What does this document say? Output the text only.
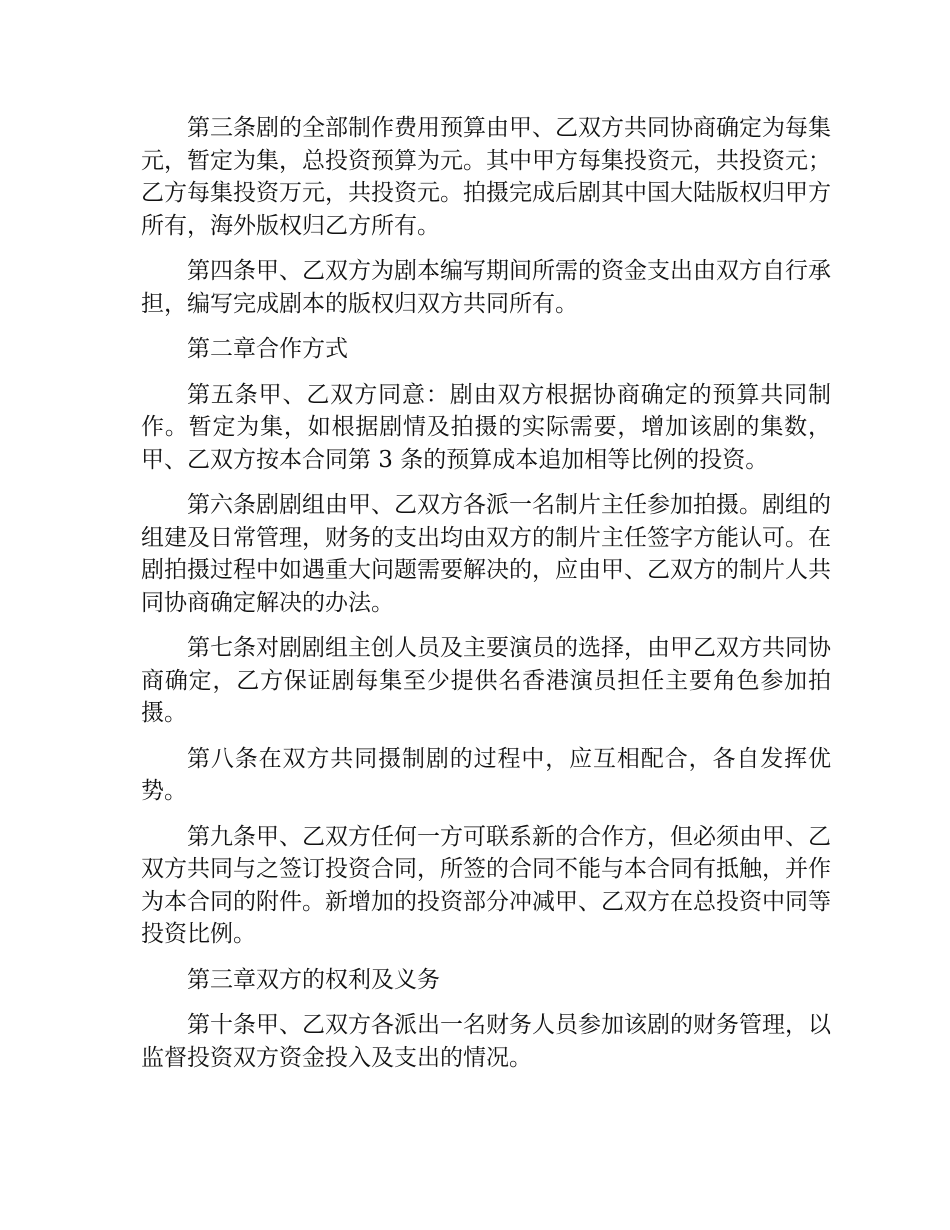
第三条剧的全部制作费用预算由甲、乙双方共同协商确定为每集元，暂定为集，总投资预算为元。其中甲方每集投资元，共投资元；乙方每集投资万元，共投资元。拍摄完成后剧其中国大陆版权归甲方所有，海外版权归乙方所有。

第四条甲、乙双方为剧本编写期间所需的资金支出由双方自行承担，编写完成剧本的版权归双方共同所有。

第二章合作方式

第五条甲、乙双方同意：剧由双方根据协商确定的预算共同制作。暂定为集，如根据剧情及拍摄的实际需要，增加该剧的集数，甲、乙双方按本合同第 3 条的预算成本追加相等比例的投资。

第六条剧剧组由甲、乙双方各派一名制片主任参加拍摄。剧组的组建及日常管理，财务的支出均由双方的制片主任签字方能认可。在剧拍摄过程中如遇重大问题需要解决的，应由甲、乙双方的制片人共同协商确定解决的办法。

第七条对剧剧组主创人员及主要演员的选择，由甲乙双方共同协商确定，乙方保证剧每集至少提供名香港演员担任主要角色参加拍摄。

第八条在双方共同摄制剧的过程中，应互相配合，各自发挥优势。

第九条甲、乙双方任何一方可联系新的合作方，但必须由甲、乙双方共同与之签订投资合同，所签的合同不能与本合同有抵触，并作为本合同的附件。新增加的投资部分冲减甲、乙双方在总投资中同等投资比例。

第三章双方的权利及义务

第十条甲、乙双方各派出一名财务人员参加该剧的财务管理，以监督投资双方资金投入及支出的情况。
